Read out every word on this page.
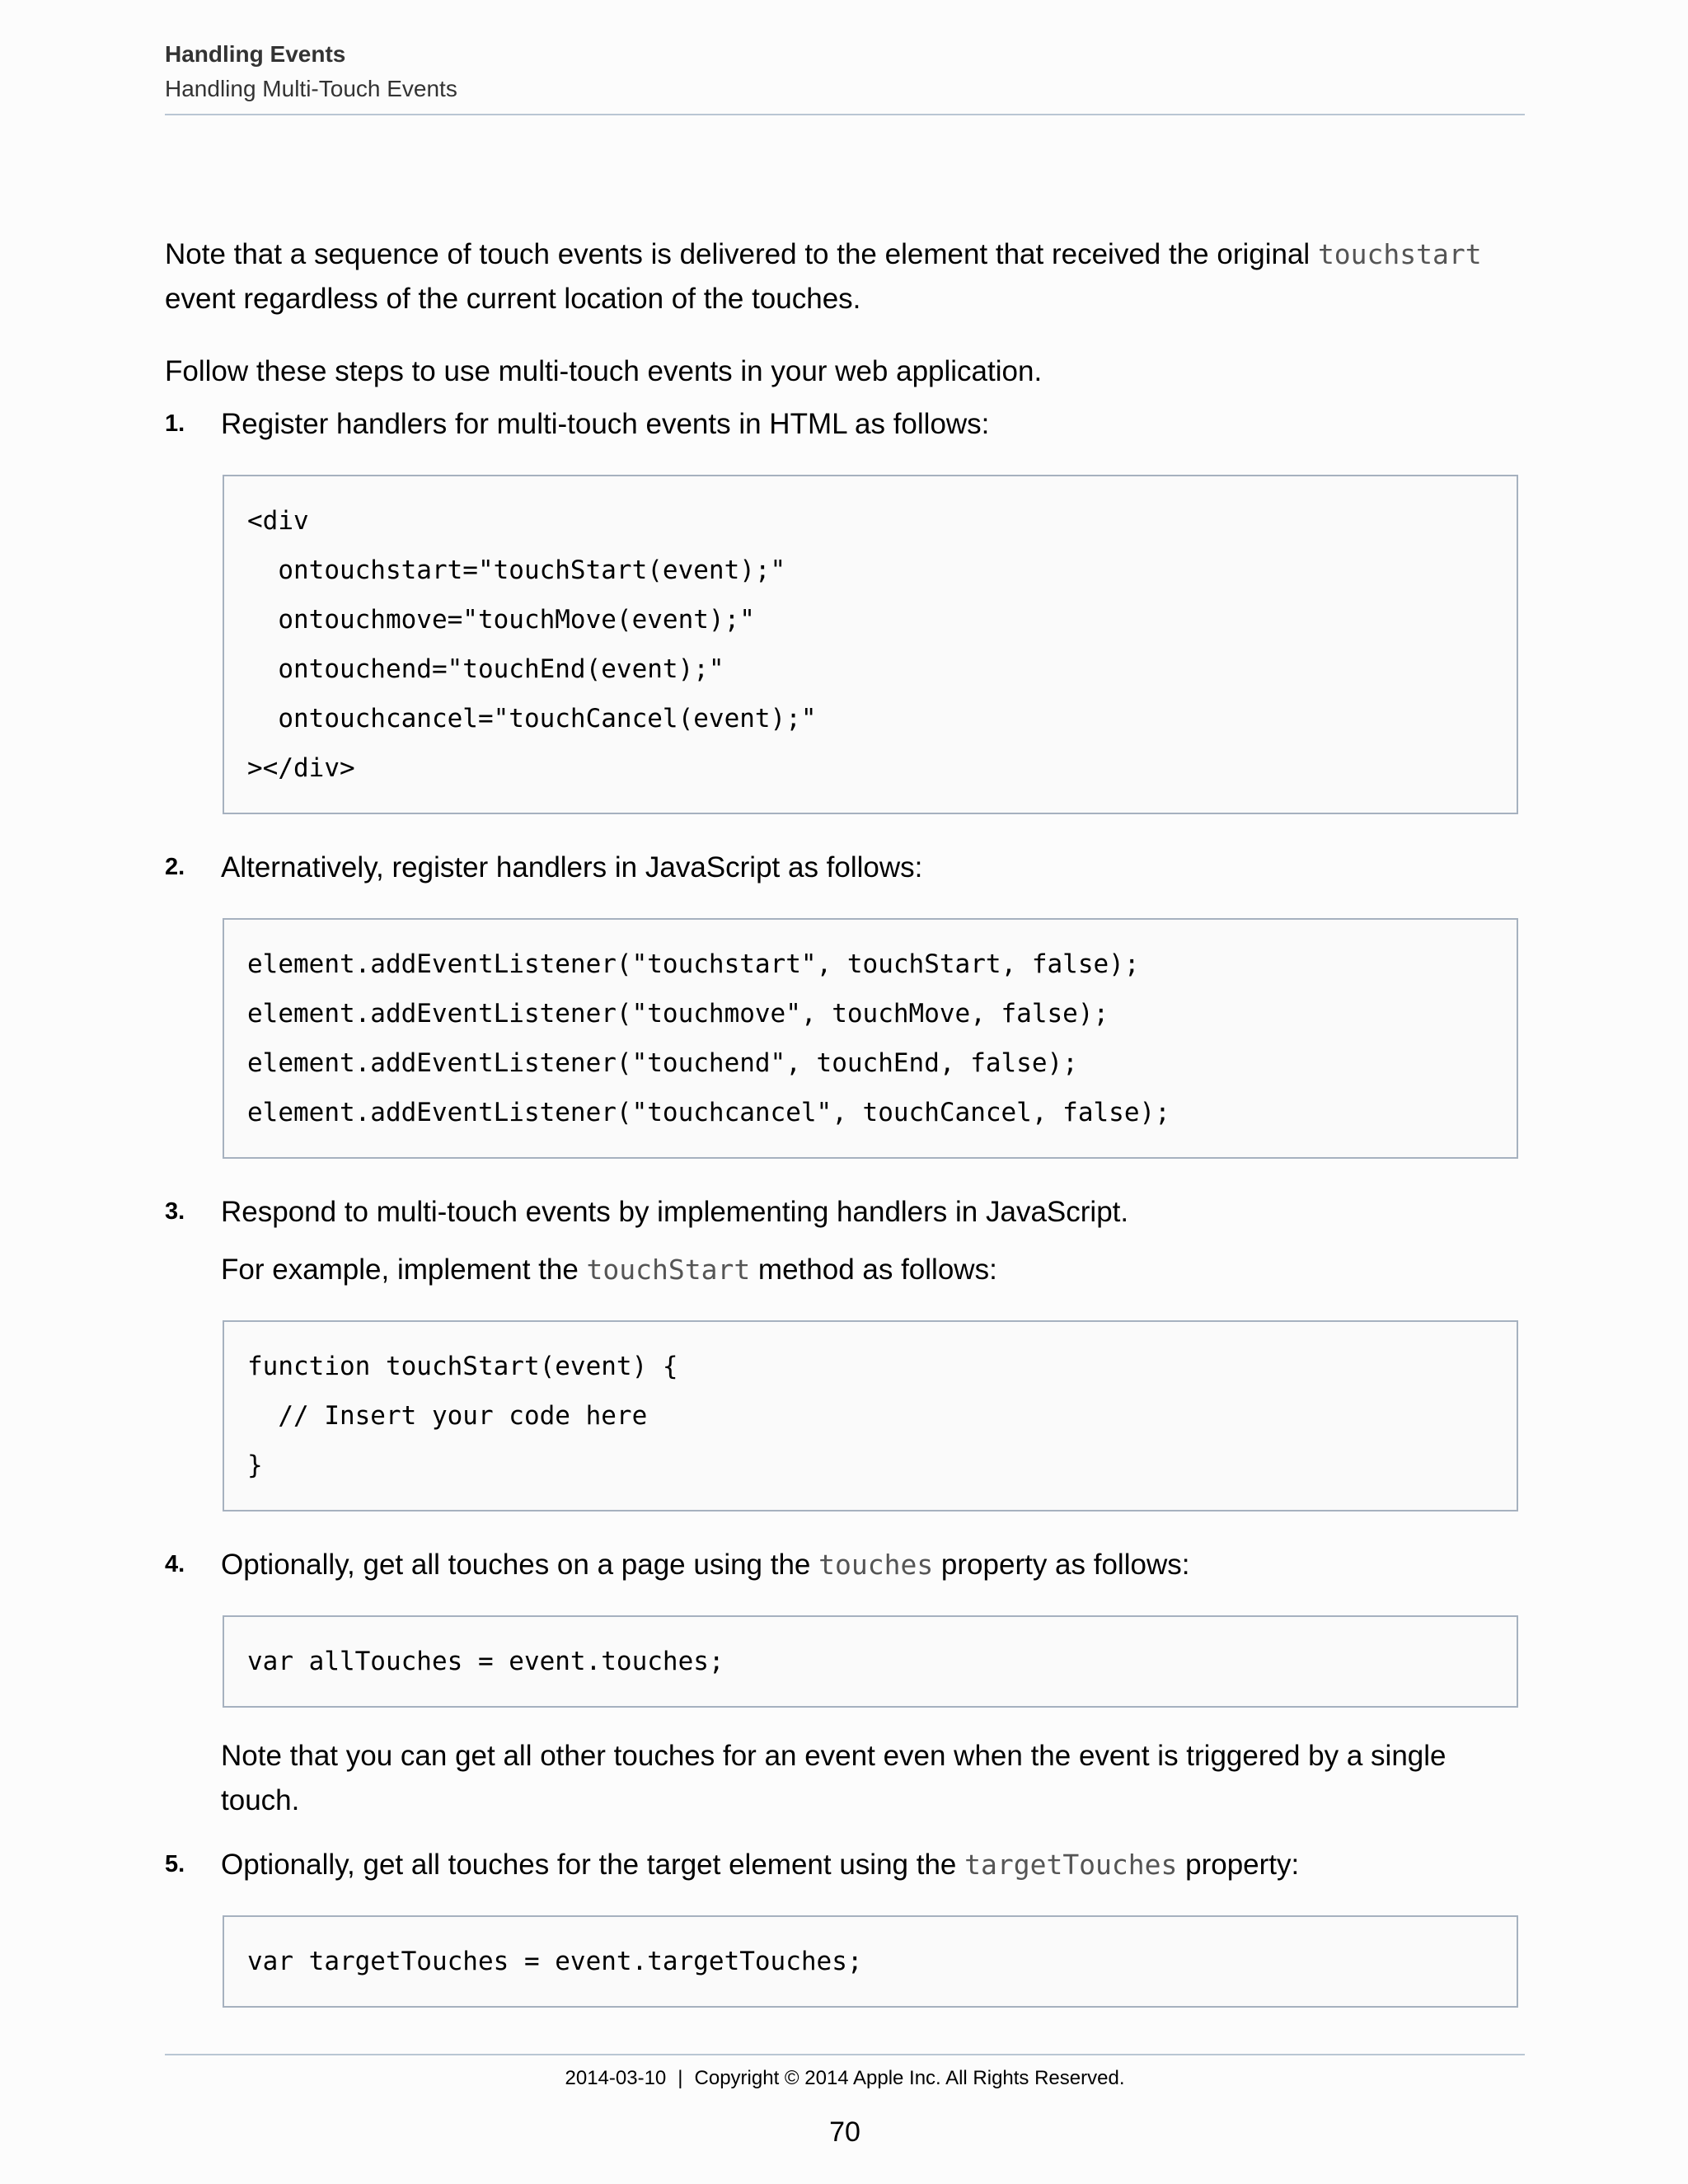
Handling Events
Handling Multi-Touch Events

Note that a sequence of touch events is delivered to the element that received the original touchstart event regardless of the current location of the touches.

Follow these steps to use multi-touch events in your web application.

1. Register handlers for multi-touch events in HTML as follows:

<div
ontouchstart="touchStart(event);"
ontouchmove="touchMove(event);"
ontouchend="touchEnd(event);"
ontouchcancel="touchCancel(event);"
></div>
2. Alternatively, register handlers in JavaScript as follows:

element.addEventListener("touchstart", touchStart, false);
element.addEventListener("touchmove", touchMove, false);
element.addEventListener("touchend", touchEnd, false);
element.addEventListener("touchcancel", touchCancel, false);
3. Respond to multi-touch events by implementing handlers in JavaScript.

For example, implement the touchStart method as follows:

function touchStart(event) {
// Insert your code here
}
4. Optionally, get all touches on a page using the touches property as follows:

var allTouches = event.touches;

Note that you can get all other touches for an event even when the event is triggered by a single touch.

5. Optionally, get all touches for the target element using the targetTouches property:

var targetTouches = event.targetTouches;
2014-03-10 | Copyright © 2014 Apple Inc. All Rights Reserved.
70
